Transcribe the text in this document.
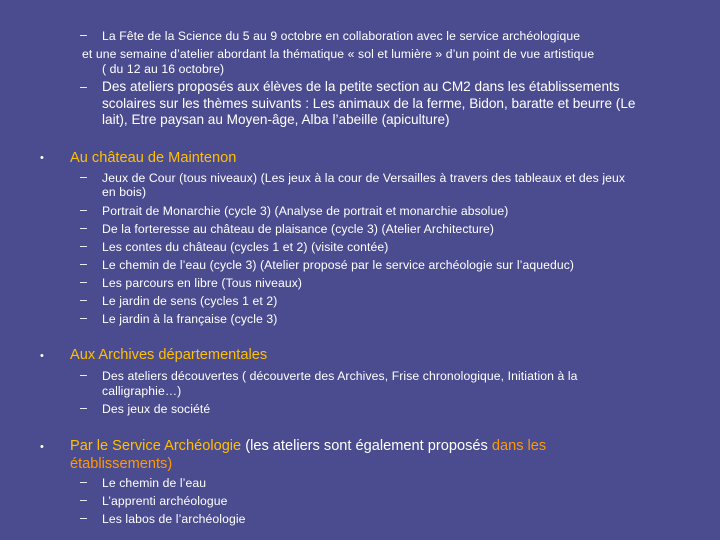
– La Fête de la Science du 5 au 9 octobre en collaboration avec le service archéologique
et une semaine d’atelier abordant la thématique « sol et lumière » d’un point de vue artistique
( du 12 au 16 octobre)
– Des ateliers proposés aux élèves de la petite section au CM2 dans les établissements
scolaires sur les thèmes suivants : Les animaux de la ferme, Bidon, baratte et beurre (Le
lait), Etre paysan au Moyen-âge, Alba l’abeille (apiculture)
• Au château de Maintenon
– Jeux de Cour (tous niveaux) (Les jeux à la cour de Versailles à travers des tableaux et des jeux
en bois)
– Portrait de Monarchie (cycle 3) (Analyse de portrait et monarchie absolue)
– De la forteresse au château de plaisance (cycle 3) (Atelier Architecture)
– Les contes du château (cycles 1 et 2) (visite contée)
– Le chemin de l’eau (cycle 3) (Atelier proposé par le service archéologie sur l’aqueduc)
– Les parcours en libre (Tous niveaux)
– Le jardin de sens (cycles 1 et 2)
– Le jardin à la française (cycle 3)
• Aux Archives départementales
– Des ateliers découvertes ( découverte des Archives, Frise chronologique, Initiation à la
calligraphie…)
– Des jeux de société
• Par le Service Archéologie (les ateliers sont également proposés dans les
établissements)
– Le chemin de l’eau
– L’apprenti archéologue
– Les labos de l’archéologie
